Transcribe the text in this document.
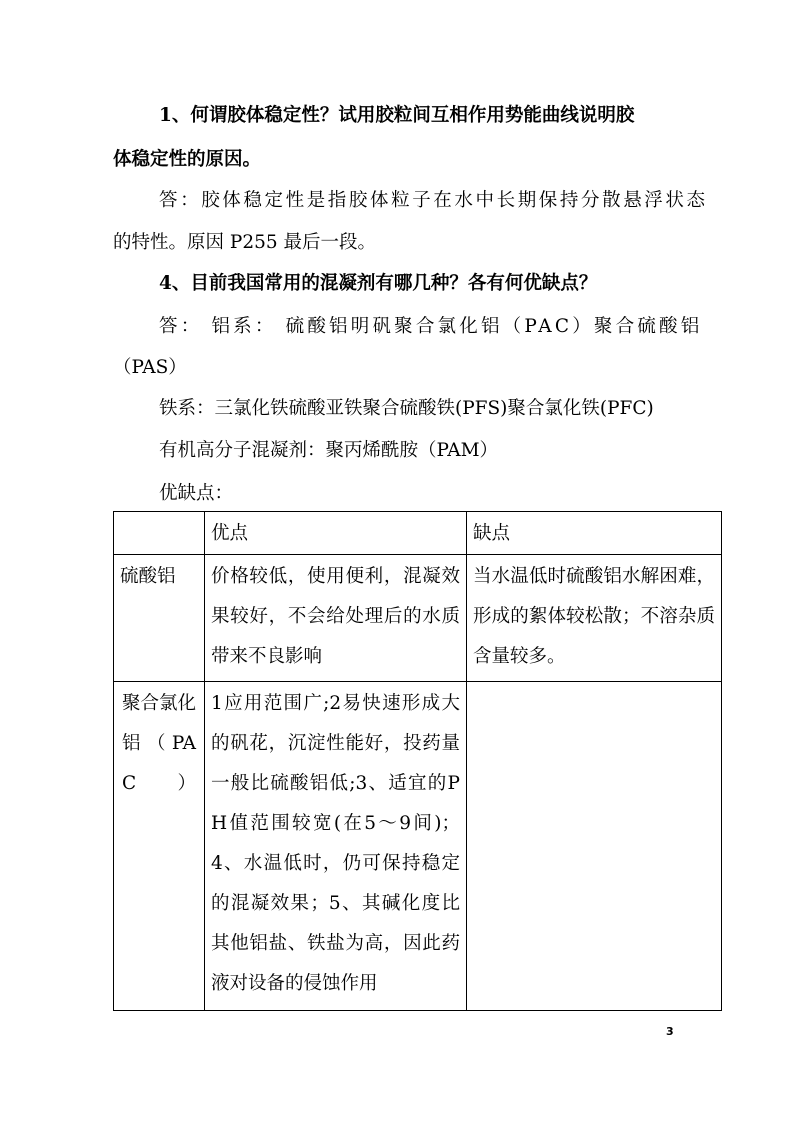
1、何谓胶体稳定性？试用胶粒间互相作用势能曲线说明胶
体稳定性的原因。
答：胶体稳定性是指胶体粒子在水中长期保持分散悬浮状态
的特性。原因 P255 最后一段。
4、目前我国常用的混凝剂有哪几种？各有何优缺点？
答： 铝系： 硫酸铝明矾聚合氯化铝（PAC）聚合硫酸铝
（PAS）
铁系：三氯化铁硫酸亚铁聚合硫酸铁(PFS)聚合氯化铁(PFC)
有机高分子混凝剂：聚丙烯酰胺（PAM）
优缺点：
	优点	缺点
硫酸铝	价格较低，使用便利，混凝效果较好，不会给处理后的水质带来不良影响	当水温低时硫酸铝水解困难，形成的絮体较松散；不溶杂质含量较多。
聚合氯化铝（PAC）	1应用范围广;2易快速形成大的矾花，沉淀性能好，投药量一般比硫酸铝低;3、适宜的PH值范围较宽(在5～9间)；4、水温低时，仍可保持稳定的混凝效果；5、其碱化度比其他铝盐、铁盐为高，因此药液对设备的侵蚀作用	
3
